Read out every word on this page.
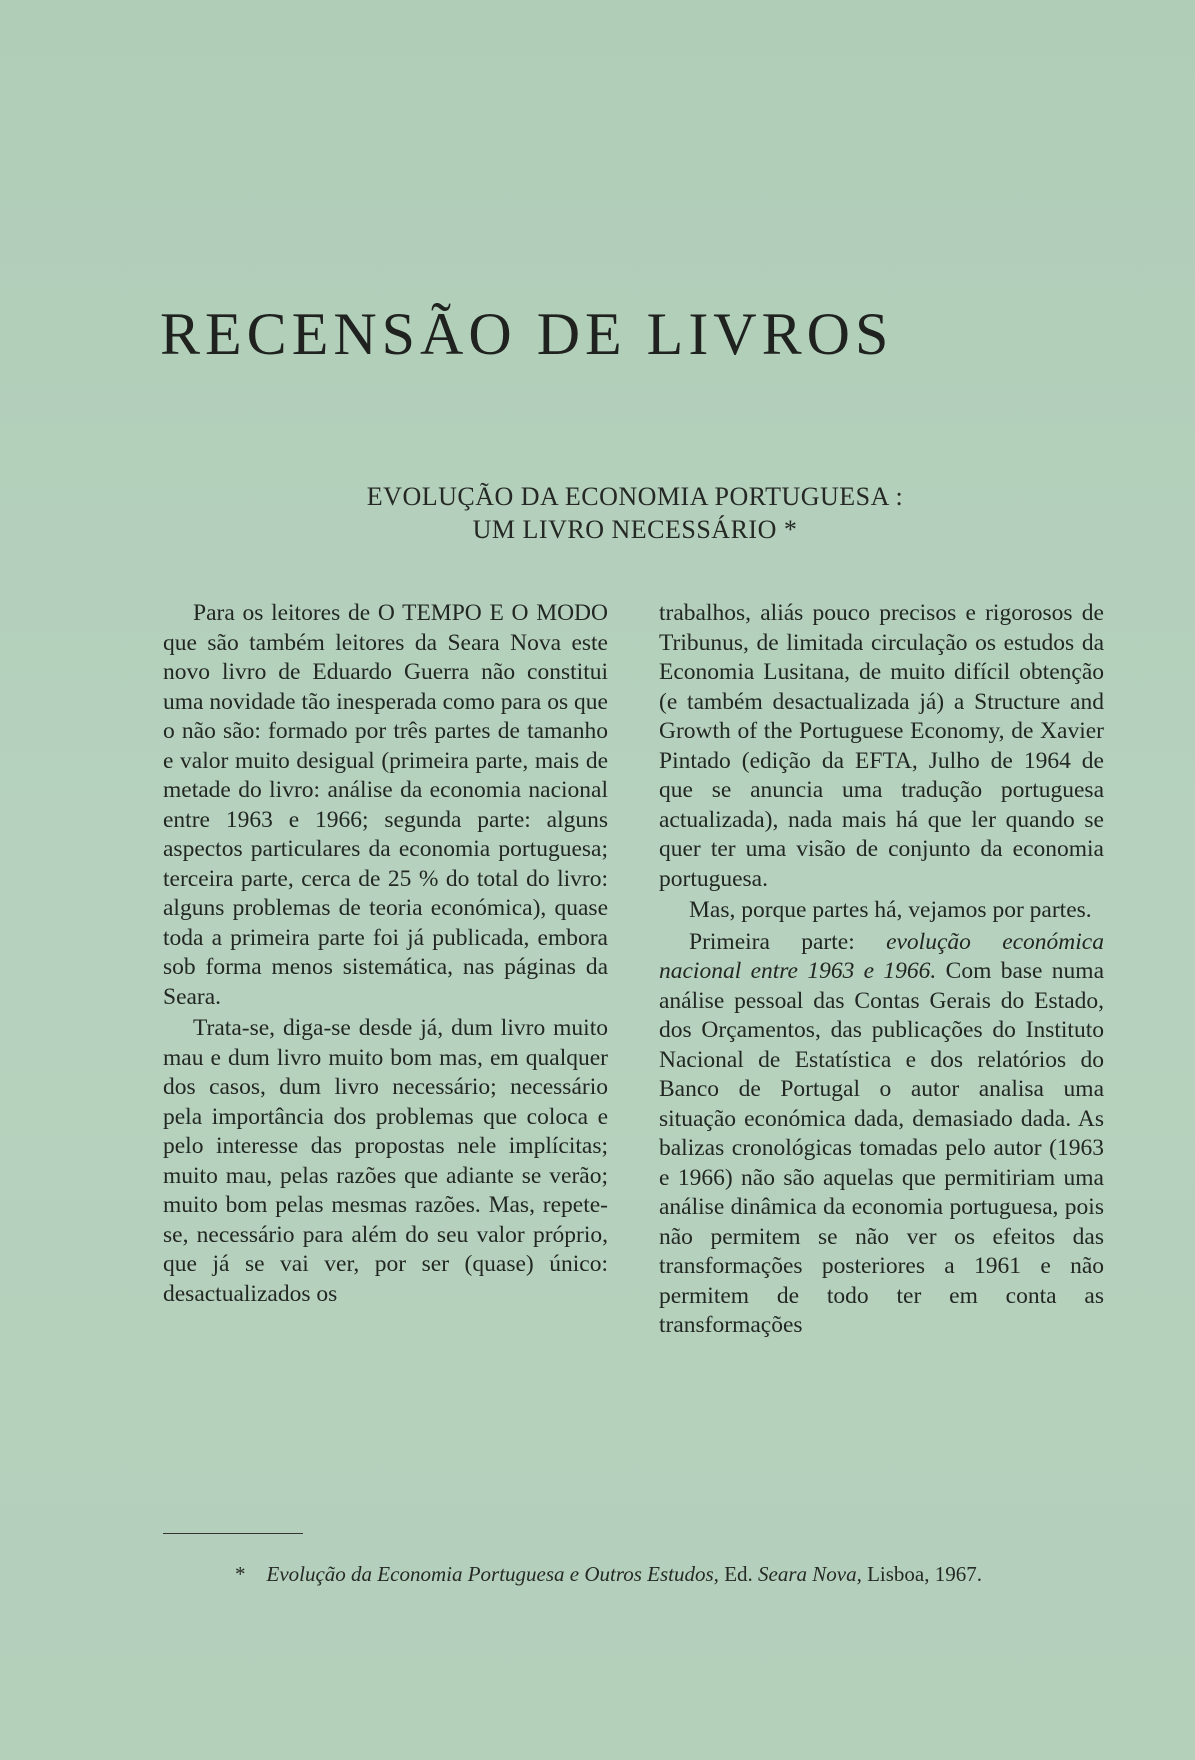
RECENSÃO DE LIVROS
EVOLUÇÃO DA ECONOMIA PORTUGUESA :
UM LIVRO NECESSÁRIO *

Para os leitores de O TEMPO E O MODO que são também leitores da Seara Nova este novo livro de Eduardo Guerra não constitui uma novidade tão inesperada como para os que o não são: formado por três partes de tamanho e valor muito desigual (primeira parte, mais de metade do livro: análise da economia nacional entre 1963 e 1966; segunda parte: alguns aspectos particulares da economia portuguesa; terceira parte, cerca de 25 % do total do livro: alguns problemas de teoria económica), quase toda a primeira parte foi já publicada, embora sob forma menos sistemática, nas páginas da Seara.

Trata-se, diga-se desde já, dum livro muito mau e dum livro muito bom mas, em qualquer dos casos, dum livro necessário; necessário pela importância dos problemas que coloca e pelo interesse das propostas nele implícitas; muito mau, pelas razões que adiante se verão; muito bom pelas mesmas razões. Mas, repete-se, necessário para além do seu valor próprio, que já se vai ver, por ser (quase) único: desactualizados os

trabalhos, aliás pouco precisos e rigorosos de Tribunus, de limitada circulação os estudos da Economia Lusitana, de muito difícil obtenção (e também desactualizada já) a Structure and Growth of the Portuguese Economy, de Xavier Pintado (edição da EFTA, Julho de 1964 de que se anuncia uma tradução portuguesa actualizada), nada mais há que ler quando se quer ter uma visão de conjunto da economia portuguesa.

Mas, porque partes há, vejamos por partes.

Primeira parte: evolução económica nacional entre 1963 e 1966. Com base numa análise pessoal das Contas Gerais do Estado, dos Orçamentos, das publicações do Instituto Nacional de Estatística e dos relatórios do Banco de Portugal o autor analisa uma situação económica dada, demasiado dada. As balizas cronológicas tomadas pelo autor (1963 e 1966) não são aquelas que permitiriam uma análise dinâmica da economia portuguesa, pois não permitem se não ver os efeitos das transformações posteriores a 1961 e não permitem de todo ter em conta as transformações

* Evolução da Economia Portuguesa e Outros Estudos, Ed. Seara Nova, Lisboa, 1967.
